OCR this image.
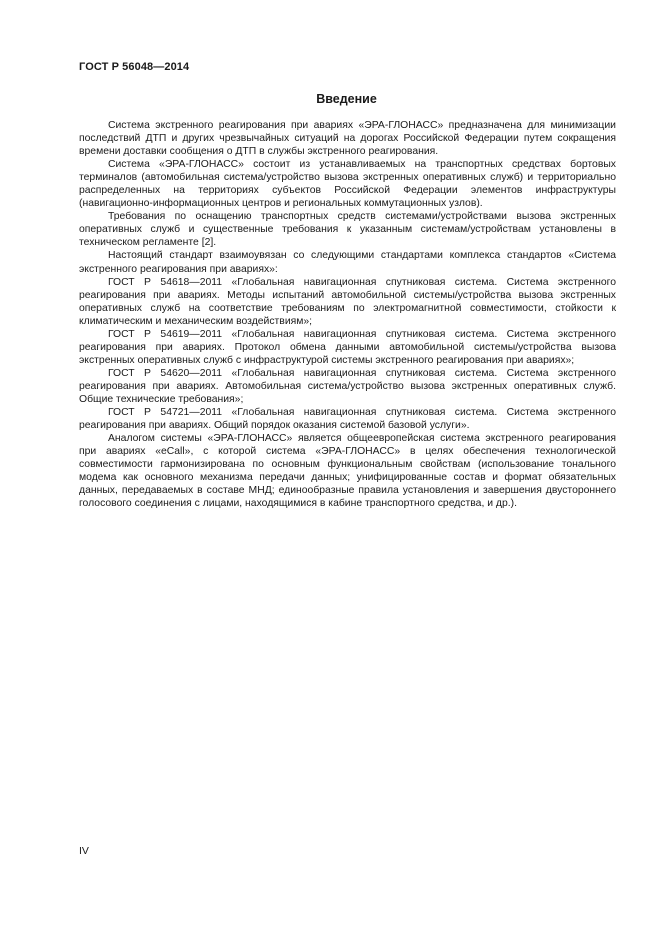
ГОСТ Р 56048—2014
Введение

Система экстренного реагирования при авариях «ЭРА-ГЛОНАСС» предназначена для минимизации последствий ДТП и других чрезвычайных ситуаций на дорогах Российской Федерации путем сокращения времени доставки сообщения о ДТП в службы экстренного реагирования.

Система «ЭРА-ГЛОНАСС» состоит из устанавливаемых на транспортных средствах бортовых терминалов (автомобильная система/устройство вызова экстренных оперативных служб) и территориально распределенных на территориях субъектов Российской Федерации элементов инфраструктуры (навигационно-информационных центров и региональных коммутационных узлов).

Требования по оснащению транспортных средств системами/устройствами вызова экстренных оперативных служб и существенные требования к указанным системам/устройствам установлены в техническом регламенте [2].

Настоящий стандарт взаимоувязан со следующими стандартами комплекса стандартов «Система экстренного реагирования при авариях»:

ГОСТ Р 54618—2011 «Глобальная навигационная спутниковая система. Система экстренного реагирования при авариях. Методы испытаний автомобильной системы/устройства вызова экстренных оперативных служб на соответствие требованиям по электромагнитной совместимости, стойкости к климатическим и механическим воздействиям»;

ГОСТ Р 54619—2011 «Глобальная навигационная спутниковая система. Система экстренного реагирования при авариях. Протокол обмена данными автомобильной системы/устройства вызова экстренных оперативных служб с инфраструктурой системы экстренного реагирования при авариях»;

ГОСТ Р 54620—2011 «Глобальная навигационная спутниковая система. Система экстренного реагирования при авариях. Автомобильная система/устройство вызова экстренных оперативных служб. Общие технические требования»;

ГОСТ Р 54721—2011 «Глобальная навигационная спутниковая система. Система экстренного реагирования при авариях. Общий порядок оказания системой базовой услуги».

Аналогом системы «ЭРА-ГЛОНАСС» является общеевропейская система экстренного реагирования при авариях «eCall», с которой система «ЭРА-ГЛОНАСС» в целях обеспечения технологической совместимости гармонизирована по основным функциональным свойствам (использование тонального модема как основного механизма передачи данных; унифицированные состав и формат обязательных данных, передаваемых в составе МНД; единообразные правила установления и завершения двустороннего голосового соединения с лицами, находящимися в кабине транспортного средства, и др.).

IV
